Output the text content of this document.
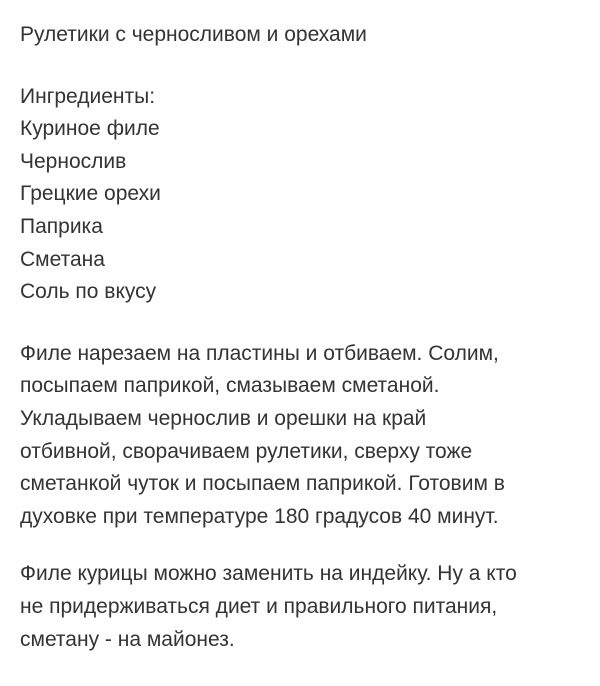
Рулетики с черносливом и орехами
Ингредиенты:
Куриное филе
Чернослив
Грецкие орехи
Паприка
Сметана
Соль по вкусу
Филе нарезаем на пластины и отбиваем. Солим,
посыпаем паприкой, смазываем сметаной.
Укладываем чернослив и орешки на край
отбивной, сворачиваем рулетики, сверху тоже
сметанкой чуток и посыпаем паприкой. Готовим в
духовке при температуре 180 градусов 40 минут.
Филе курицы можно заменить на индейку. Ну а кто
не придерживаться диет и правильного питания,
сметану - на майонез.
